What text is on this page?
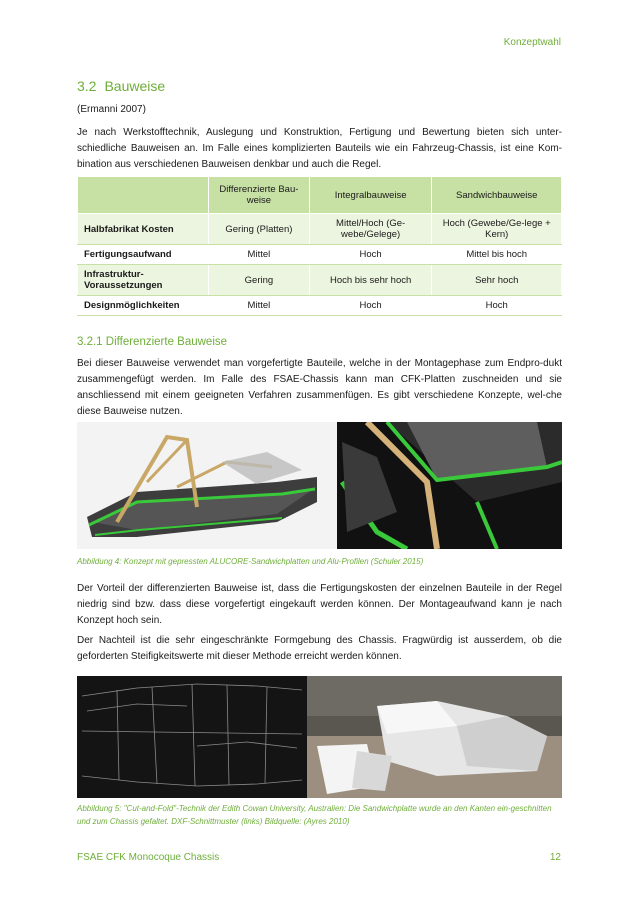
Konzeptwahl
3.2 Bauweise
(Ermanni 2007)
Je nach Werkstofftechnik, Auslegung und Konstruktion, Fertigung und Bewertung bieten sich unter-schiedliche Bauweisen an. Im Falle eines komplizierten Bauteils wie ein Fahrzeug-Chassis, ist eine Kom-bination aus verschiedenen Bauweisen denkbar und auch die Regel.
	Differenzierte Bau-weise	Integralbauweise	Sandwichbauweise
Halbfabrikat Kosten	Gering (Platten)	Mittel/Hoch (Ge-webe/Gelege)	Hoch (Gewebe/Ge-lege + Kern)
Fertigungsaufwand	Mittel	Hoch	Mittel bis hoch
Infrastruktur-Voraussetzungen	Gering	Hoch bis sehr hoch	Sehr hoch
Designmöglichkeiten	Mittel	Hoch	Hoch
3.2.1 Differenzierte Bauweise
Bei dieser Bauweise verwendet man vorgefertigte Bauteile, welche in der Montagephase zum Endpro-dukt zusammengefügt werden. Im Falle des FSAE-Chassis kann man CFK-Platten zuschneiden und sie anschliessend mit einem geeigneten Verfahren zusammenfügen. Es gibt verschiedene Konzepte, wel-che diese Bauweise nutzen.
Abbildung 4: Konzept mit gepressten ALUCORE-Sandwichplatten und Alu-Profilen (Schuler 2015)
Der Vorteil der differenzierten Bauweise ist, dass die Fertigungskosten der einzelnen Bauteile in der Regel niedrig sind bzw. dass diese vorgefertigt eingekauft werden können. Der Montageaufwand kann je nach Konzept hoch sein.
Der Nachteil ist die sehr eingeschränkte Formgebung des Chassis. Fragwürdig ist ausserdem, ob die geforderten Steifigkeitswerte mit dieser Methode erreicht werden können.
Abbildung 5: "Cut-and-Fold"-Technik der Edith Cowan University, Australien: Die Sandwichplatte wurde an den Kanten ein-geschnitten und zum Chassis gefaltet. DXF-Schnittmuster (links) Bildquelle: (Ayres 2010)
FSAE CFK Monocoque Chassis	12
